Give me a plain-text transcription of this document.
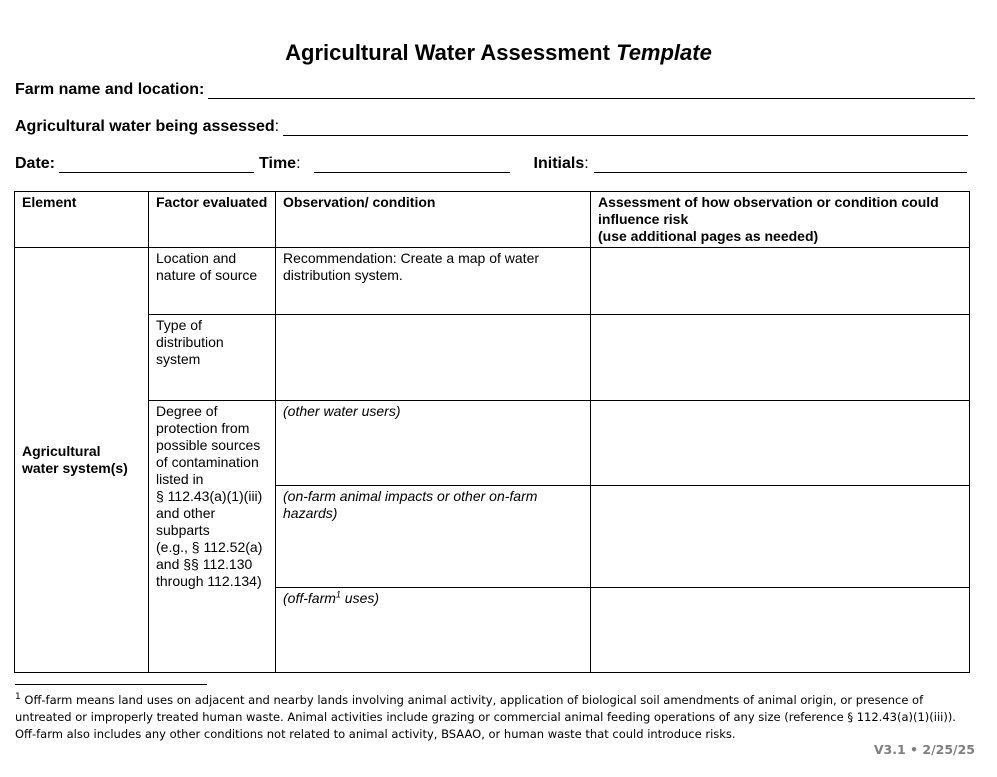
Agricultural Water Assessment Template
Farm name and location:
Agricultural water being assessed :
Date:	Time :	Initials :
Element	Factor evaluated	Observation/ condition	Assessment of how observation or condition could influence risk
(use additional pages as needed)

Agricultural water system(s)	Location and nature of source	Recommendation: Create a map of water distribution system.	
	Type of distribution system		

	Degree of protection from possible sources of contamination listed in
§ 112.43(a)(1)(iii) and other subparts
(e.g., § 112.52(a) and §§ 112.130 through 112.134)	(other water users)	
		(on-farm animal impacts or other on-farm hazards)	
		(off-farm$^1$ uses)	
$^1$ Off-farm means land uses on adjacent and nearby lands involving animal activity, application of biological soil amendments of animal origin, or presence of untreated or improperly treated human waste. Animal activities include grazing or commercial animal feeding operations of any size (reference § 112.43(a)(1)(iii)). Off-farm also includes any other conditions not related to animal activity, BSAAO, or human waste that could introduce risks.
V3.1 • 2/25/25
